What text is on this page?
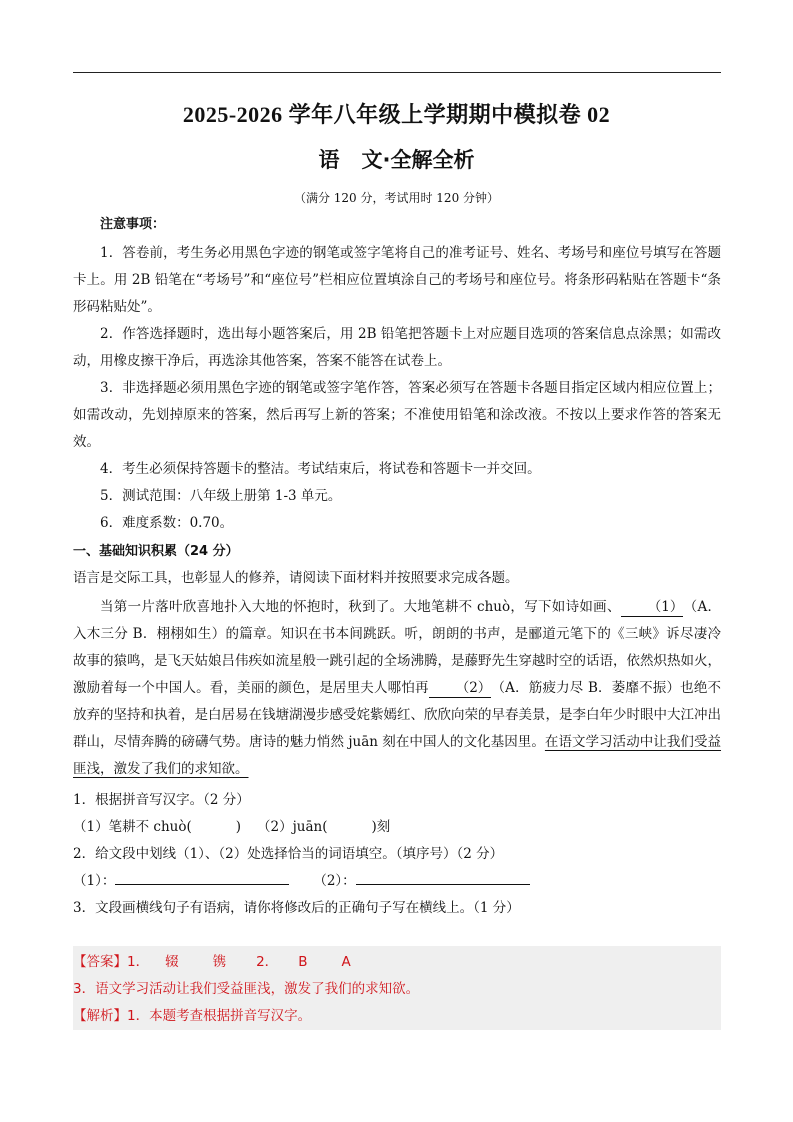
2025-2026 学年八年级上学期期中模拟卷 02
语 文·全解全析
（满分 120 分，考试用时 120 分钟）
注意事项：

1．答卷前，考生务必用黑色字迹的钢笔或签字笔将自己的准考证号、姓名、考场号和座位号填写在答题卡上。用 2B 铅笔在“考场号”和“座位号”栏相应位置填涂自己的考场号和座位号。将条形码粘贴在答题卡“条形码粘贴处”。

2．作答选择题时，选出每小题答案后，用 2B 铅笔把答题卡上对应题目选项的答案信息点涂黑；如需改动，用橡皮擦干净后，再选涂其他答案，答案不能答在试卷上。

3．非选择题必须用黑色字迹的钢笔或签字笔作答，答案必须写在答题卡各题目指定区域内相应位置上；如需改动，先划掉原来的答案，然后再写上新的答案；不准使用铅笔和涂改液。不按以上要求作答的答案无效。

4．考生必须保持答题卡的整洁。考试结束后，将试卷和答题卡一并交回。

5．测试范围：八年级上册第 1-3 单元。

6．难度系数：0.70。

一、基础知识积累（24 分）
语言是交际工具，也彰显人的修养，请阅读下面材料并按照要求完成各题。

当第一片落叶欣喜地扑入大地的怀抱时，秋到了。大地笔耕不 chuò，写下如诗如画、 （1）（A．入木三分 B．栩栩如生）的篇章。知识在书本间跳跃。听，朗朗的书声，是郦道元笔下的《三峡》诉尽凄冷故事的猿鸣，是飞天姑娘吕伟疾如流星般一跳引起的全场沸腾，是藤野先生穿越时空的话语，依然炽热如火，激励着每一个中国人。看，美丽的颜色，是居里夫人哪怕再 （2）（A．筋疲力尽 B．萎靡不振）也绝不放弃的坚持和执着，是白居易在钱塘湖漫步感受姹紫嫣红、欣欣向荣的早春美景，是李白年少时眼中大江冲出群山，尽情奔腾的磅礴气势。唐诗的魅力悄然 juān 刻在中国人的文化基因里。在语文学习活动中让我们受益匪浅，激发了我们的求知欲。

1．根据拼音写汉字。（2 分）
（1）笔耕不 chuò(	) （2）juān(	)刻
2．给文段中划线（1）、（2）处选择恰当的词语填空。（填序号）（2 分）
（1）：	（2）：
3．文段画横线句子有语病，请你将修改后的正确句子写在横线上。（1 分）
【答案】1． 辍	镌 2． B	A
3．语文学习活动让我们受益匪浅，激发了我们的求知欲。
【解析】1．本题考查根据拼音写汉字。
